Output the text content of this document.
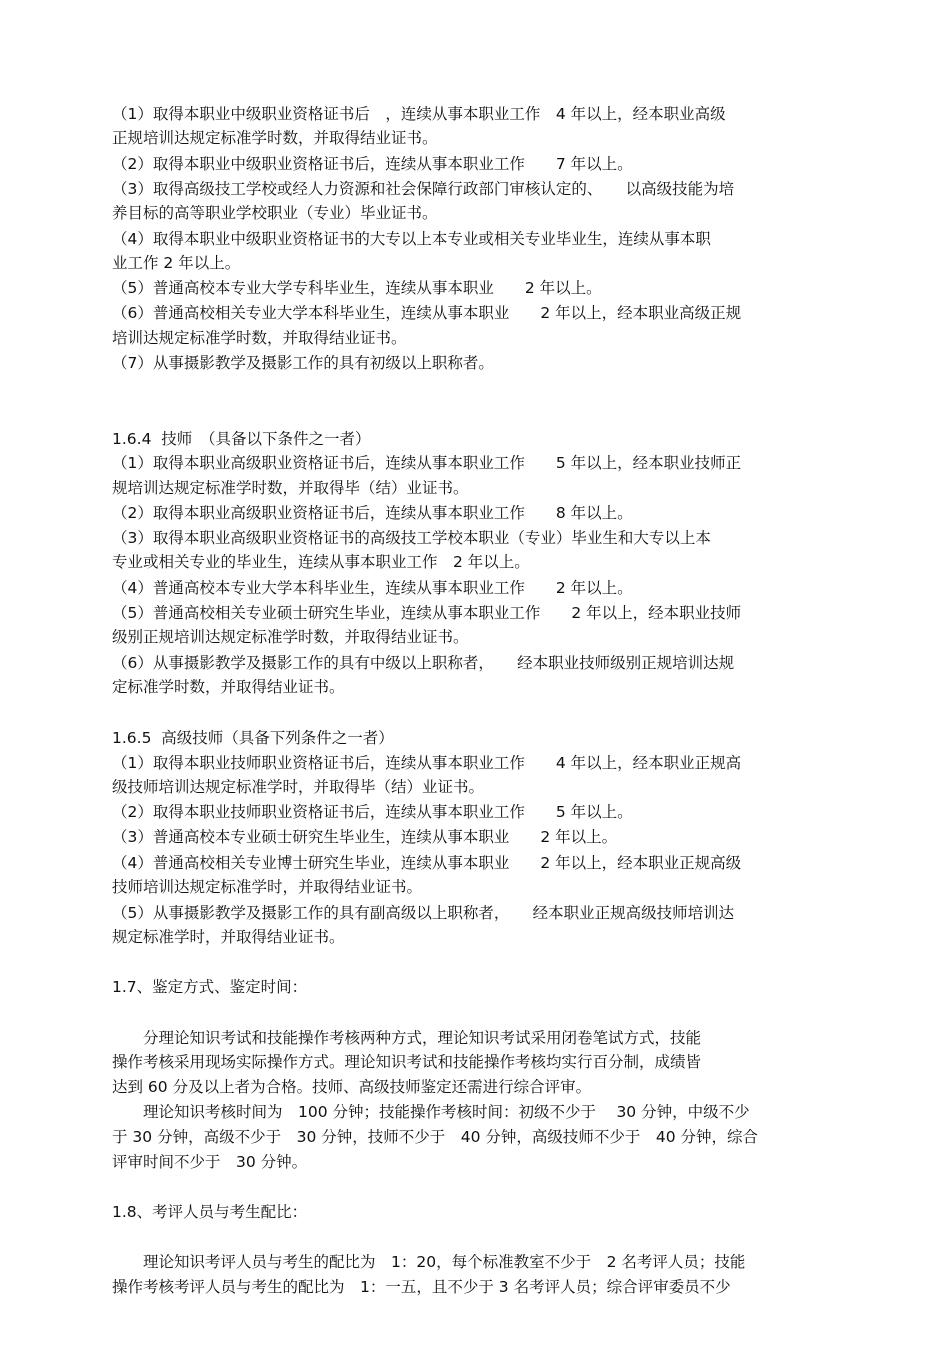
（1）取得本职业中级职业资格证书后　，连续从事本职业工作　4 年以上，经本职业高级
正规培训达规定标准学时数，并取得结业证书。
（2）取得本职业中级职业资格证书后，连续从事本职业工作　　7 年以上。
（3）取得高级技工学校或经人力资源和社会保障行政部门审核认定的、　　以高级技能为培
养目标的高等职业学校职业（专业）毕业证书。
（4）取得本职业中级职业资格证书的大专以上本专业或相关专业毕业生，连续从事本职
业工作 2 年以上。
（5）普通高校本专业大学专科毕业生，连续从事本职业　　2 年以上。
（6）普通高校相关专业大学本科毕业生，连续从事本职业　　2 年以上，经本职业高级正规
培训达规定标准学时数，并取得结业证书。
（7）从事摄影教学及摄影工作的具有初级以上职称者。
1.6.4  技师　（具备以下条件之一者）
（1）取得本职业高级职业资格证书后，连续从事本职业工作　　5 年以上，经本职业技师正
规培训达规定标准学时数，并取得毕（结）业证书。
（2）取得本职业高级职业资格证书后，连续从事本职业工作　　8 年以上。
（3）取得本职业高级职业资格证书的高级技工学校本职业（专业）毕业生和大专以上本
专业或相关专业的毕业生，连续从事本职业工作　2 年以上。
（4）普通高校本专业大学本科毕业生，连续从事本职业工作　　2 年以上。
（5）普通高校相关专业硕士研究生毕业，连续从事本职业工作　　2 年以上，经本职业技师
级别正规培训达规定标准学时数，并取得结业证书。
（6）从事摄影教学及摄影工作的具有中级以上职称者，　　经本职业技师级别正规培训达规
定标准学时数，并取得结业证书。
1.6.5  高级技师（具备下列条件之一者）
（1）取得本职业技师职业资格证书后，连续从事本职业工作　　4 年以上，经本职业正规高
级技师培训达规定标准学时，并取得毕（结）业证书。
（2）取得本职业技师职业资格证书后，连续从事本职业工作　　5 年以上。
（3）普通高校本专业硕士研究生毕业生，连续从事本职业　　2 年以上。
（4）普通高校相关专业博士研究生毕业，连续从事本职业　　2 年以上，经本职业正规高级
技师培训达规定标准学时，并取得结业证书。
（5）从事摄影教学及摄影工作的具有副高级以上职称者，　　经本职业正规高级技师培训达
规定标准学时，并取得结业证书。
1.7、鉴定方式、鉴定时间：
　　分理论知识考试和技能操作考核两种方式，理论知识考试采用闭卷笔试方式，技能
操作考核采用现场实际操作方式。理论知识考试和技能操作考核均实行百分制，成绩皆
达到 60 分及以上者为合格。技师、高级技师鉴定还需进行综合评审。
　　理论知识考核时间为　100 分钟；技能操作考核时间：初级不少于　 30 分钟，中级不少
于 30 分钟，高级不少于　30 分钟，技师不少于　40 分钟，高级技师不少于　40 分钟，综合
评审时间不少于　30 分钟。
1.8、考评人员与考生配比：
　　理论知识考评人员与考生的配比为　1：20，每个标准教室不少于　2 名考评人员；技能
操作考核考评人员与考生的配比为　1：一五，且不少于 3 名考评人员；综合评审委员不少
